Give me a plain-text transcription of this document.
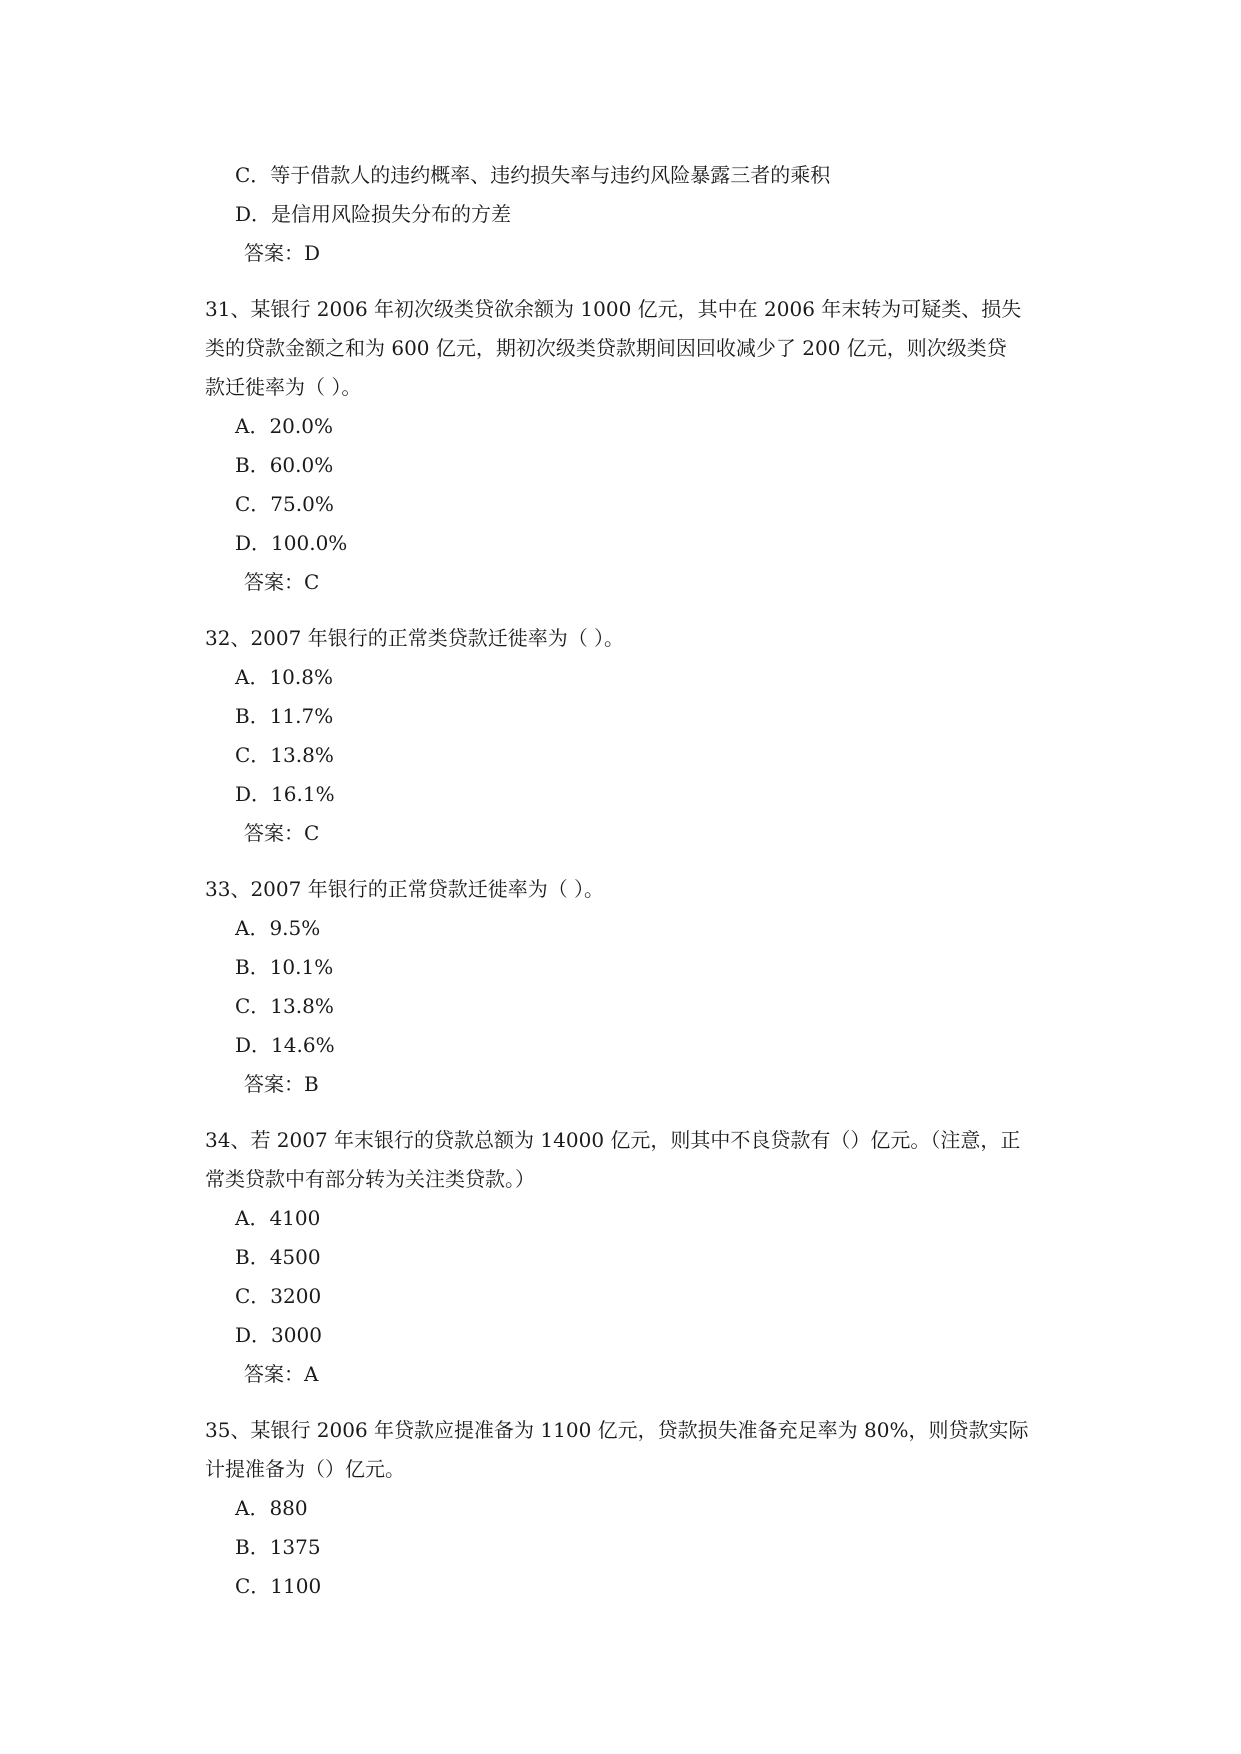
C．等于借款人的违约概率、违约损失率与违约风险暴露三者的乘积
D．是信用风险损失分布的方差
答案：D
31、某银行 2006 年初次级类贷欲余额为 1000 亿元，其中在 2006 年末转为可疑类、损失
类的贷款金额之和为 600 亿元，期初次级类贷款期间因回收减少了 200 亿元，则次级类贷
款迁徙率为（ ）。
A．20.0%
B．60.0%
C．75.0%
D．100.0%
答案：C
32、2007 年银行的正常类贷款迁徙率为（ ）。
A．10.8%
B．11.7%
C．13.8%
D．16.1%
答案：C
33、2007 年银行的正常贷款迁徙率为（ ）。
A．9.5%
B．10.1%
C．13.8%
D．14.6%
答案：B
34、若 2007 年末银行的贷款总额为 14000 亿元，则其中不良贷款有（）亿元。（注意，正
常类贷款中有部分转为关注类贷款。）
A．4100
B．4500
C．3200
D．3000
答案：A
35、某银行 2006 年贷款应提准备为 1100 亿元，贷款损失准备充足率为 80%，则贷款实际
计提准备为（）亿元。
A．880
B．1375
C．1100
